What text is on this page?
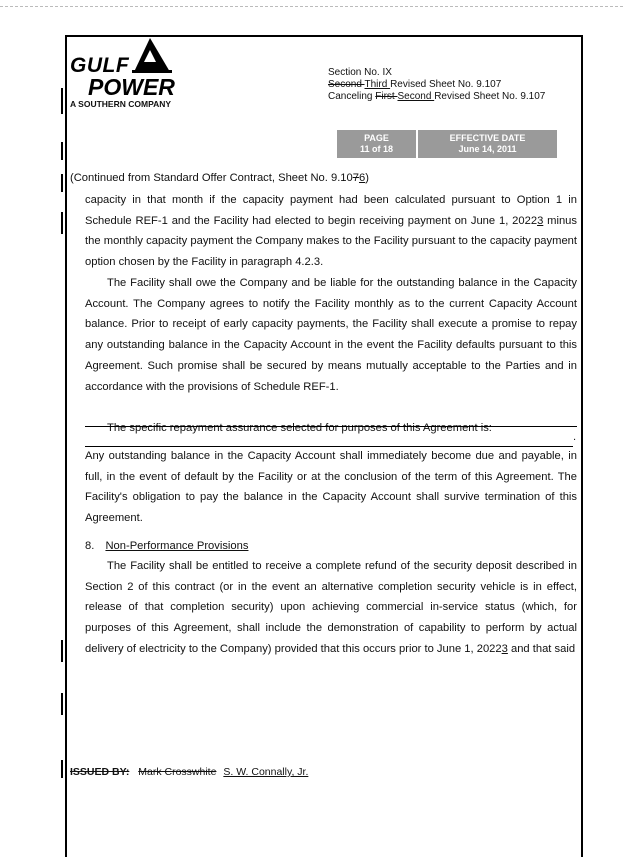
GULF
POWER
A SOUTHERN COMPANY
Section No. IX
Second Third Revised Sheet No. 9.107
Canceling First Second Revised Sheet No. 9.107
PAGE
11 of 18
EFFECTIVE DATE
June 14, 2011
(Continued from Standard Offer Contract, Sheet No. 9.1076)
capacity in that month if the capacity payment had been calculated pursuant to Option 1 in Schedule REF-1 and the Facility had elected to begin receiving payment on June 1, 20223 minus the monthly capacity payment the Company makes to the Facility pursuant to the capacity payment option chosen by the Facility in paragraph 4.2.3.
The Facility shall owe the Company and be liable for the outstanding balance in the Capacity Account. The Company agrees to notify the Facility monthly as to the current Capacity Account balance. Prior to receipt of early capacity payments, the Facility shall execute a promise to repay any outstanding balance in the Capacity Account in the event the Facility defaults pursuant to this Agreement. Such promise shall be secured by means mutually acceptable to the Parties and in accordance with the provisions of Schedule REF-1.
The specific repayment assurance selected for purposes of this Agreement is:
.
Any outstanding balance in the Capacity Account shall immediately become due and payable, in full, in the event of default by the Facility or at the conclusion of the term of this Agreement. The Facility's obligation to pay the balance in the Capacity Account shall survive termination of this Agreement.
8. Non-Performance Provisions
The Facility shall be entitled to receive a complete refund of the security deposit described in Section 2 of this contract (or in the event an alternative completion security vehicle is in effect, release of that completion security) upon achieving commercial in-service status (which, for purposes of this Agreement, shall include the demonstration of capability to perform by actual delivery of electricity to the Company) provided that this occurs prior to June 1, 20223 and that said
ISSUED BY: Mark Crosswhite S. W. Connally, Jr.
